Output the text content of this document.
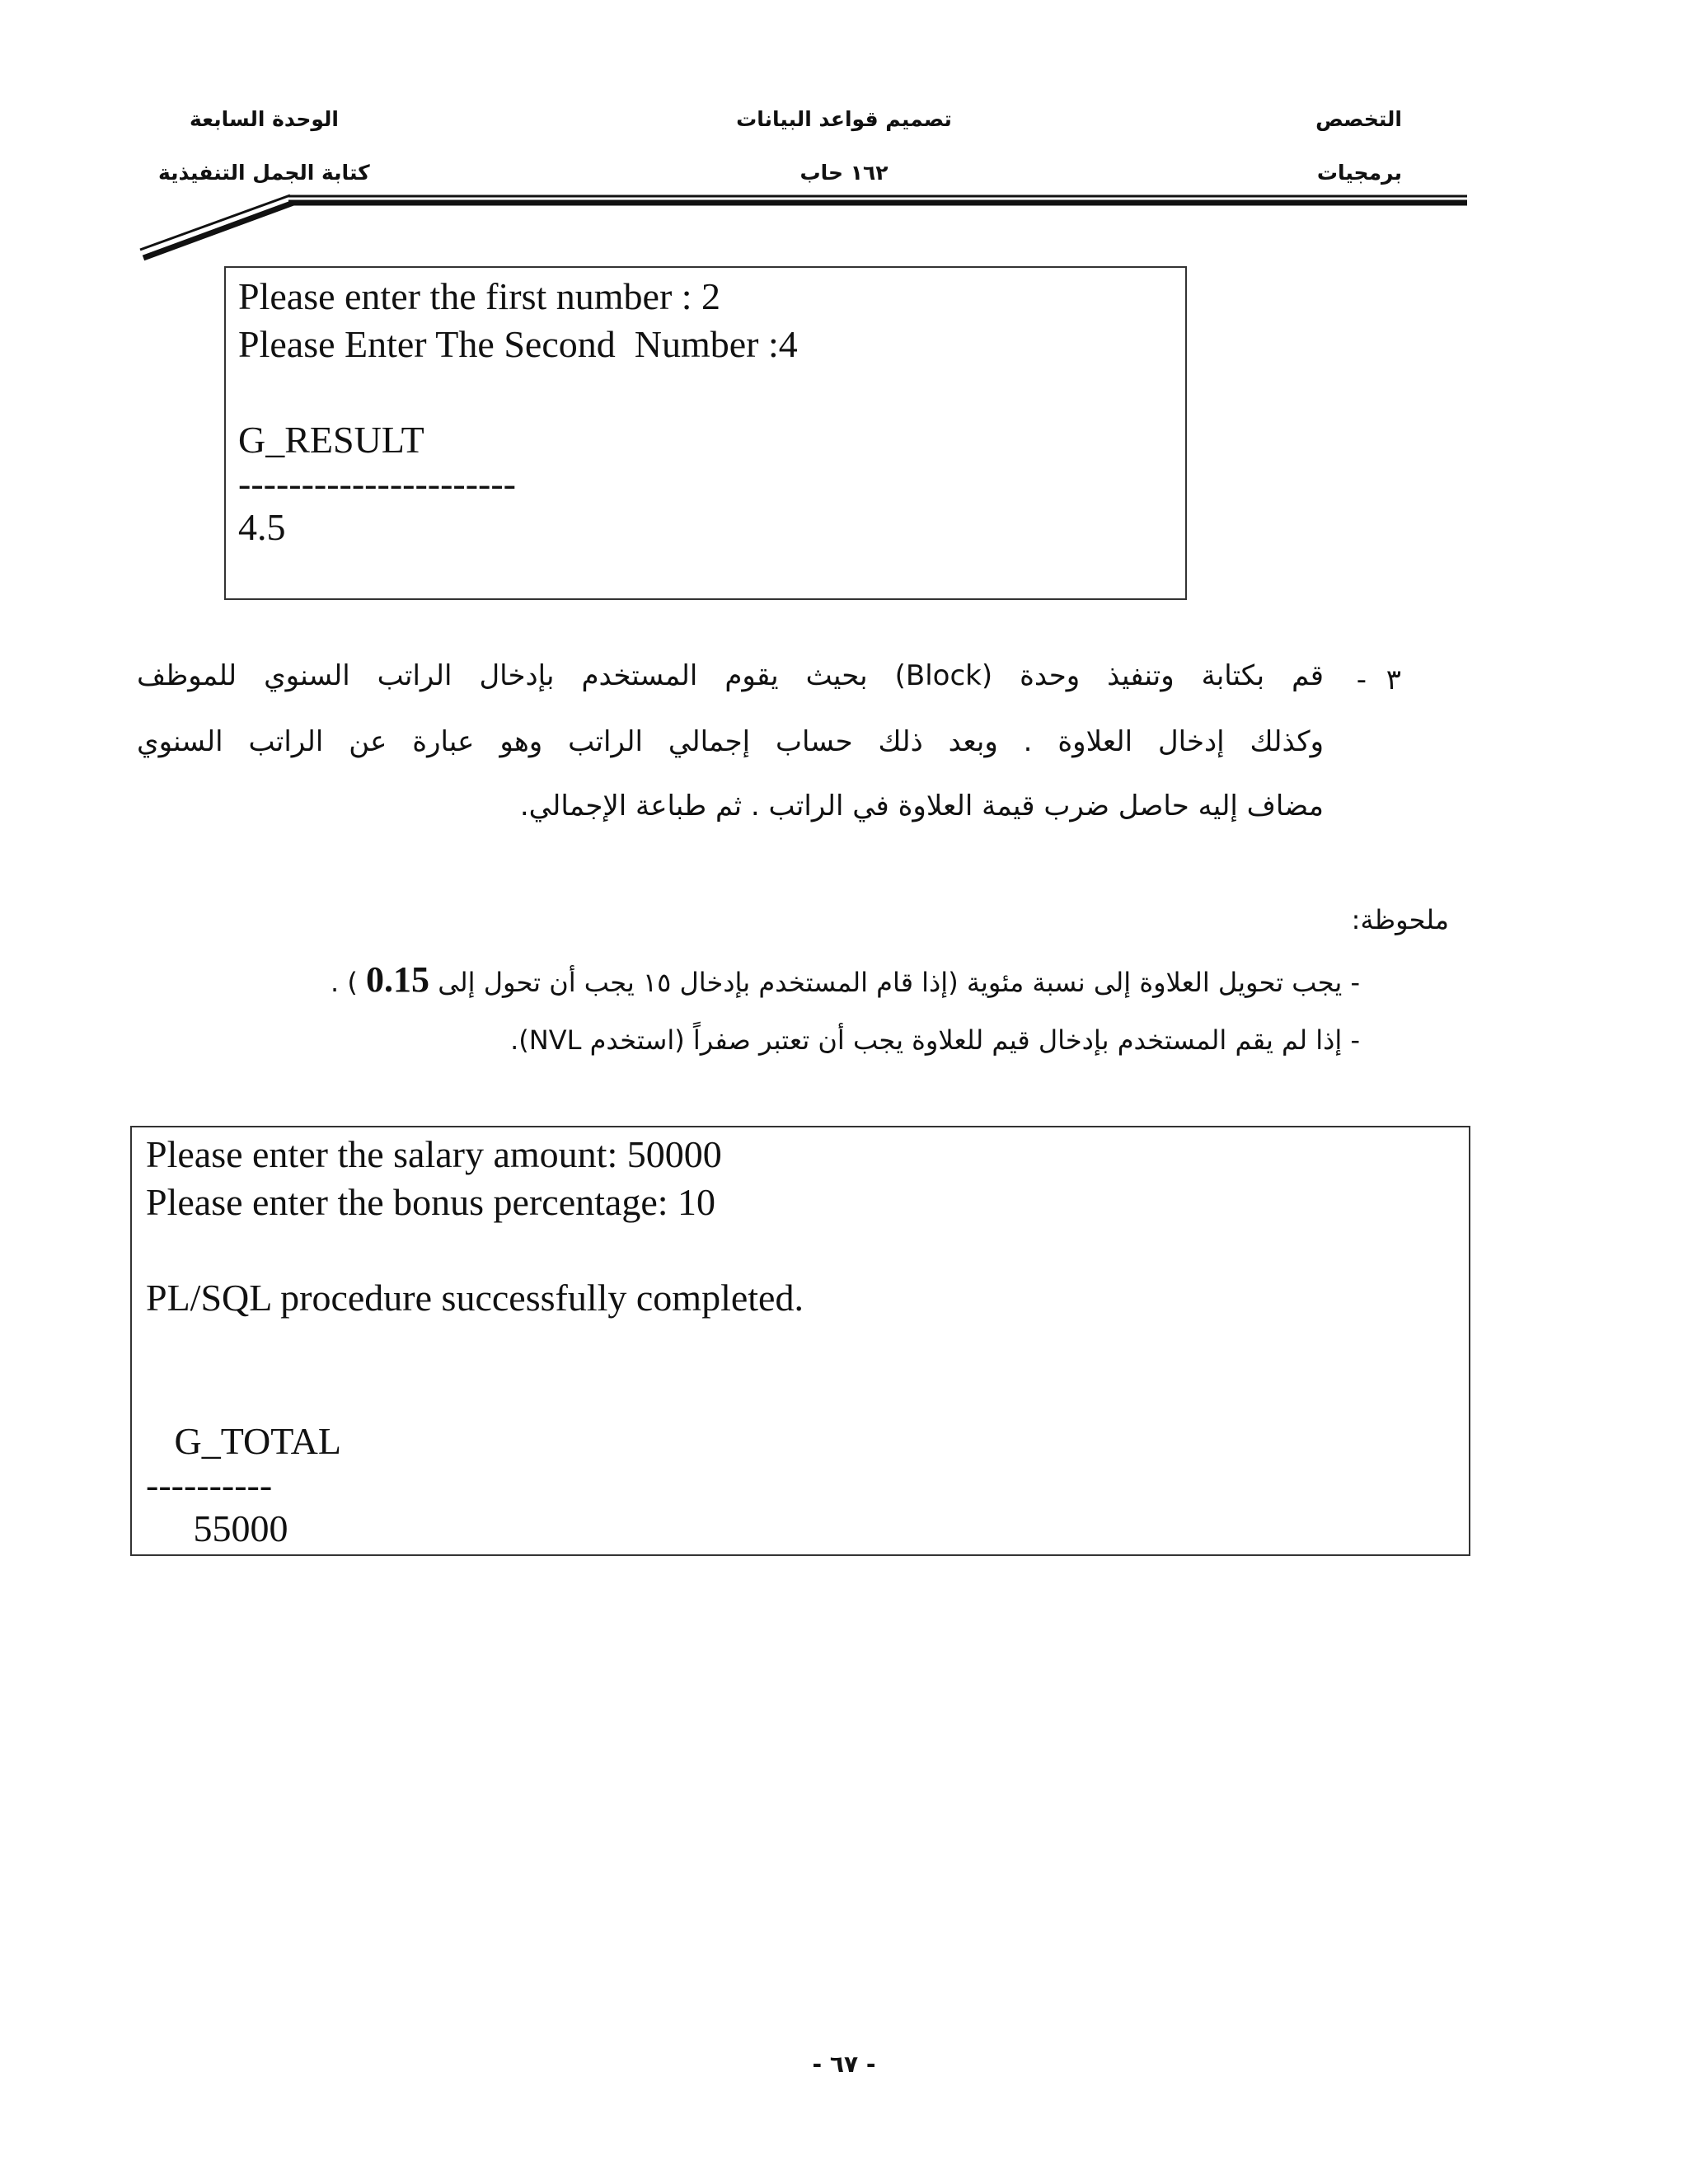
التخصص
برمجيات
تصميم قواعد البيانات
١٦٢ حاب
الوحدة السابعة
كتابة الجمل التنفيذية
Please enter the first number : 2
Please Enter The Second  Number :4
G_RESULT
----------------------
4.5
٣
-
قم بكتابة وتنفيذ وحدة (Block) بحيث يقوم المستخدم بإدخال الراتب السنوي للموظف
وكذلك إدخال العلاوة . وبعد ذلك حساب إجمالي الراتب وهو عبارة عن الراتب السنوي
مضاف إليه حاصل ضرب قيمة العلاوة في الراتب . ثم طباعة الإجمالي.
ملحوظة:
- يجب تحويل العلاوة إلى نسبة مئوية (إذا قام المستخدم بإدخال ١٥ يجب أن تحول إلى 0.15 ) .
- إذا لم يقم المستخدم بإدخال قيم للعلاوة يجب أن تعتبر صفراً (استخدم NVL).
Please enter the salary amount: 50000
Please enter the bonus percentage: 10
PL/SQL procedure successfully completed.
G_TOTAL
----------
55000
- ٦٧ -
